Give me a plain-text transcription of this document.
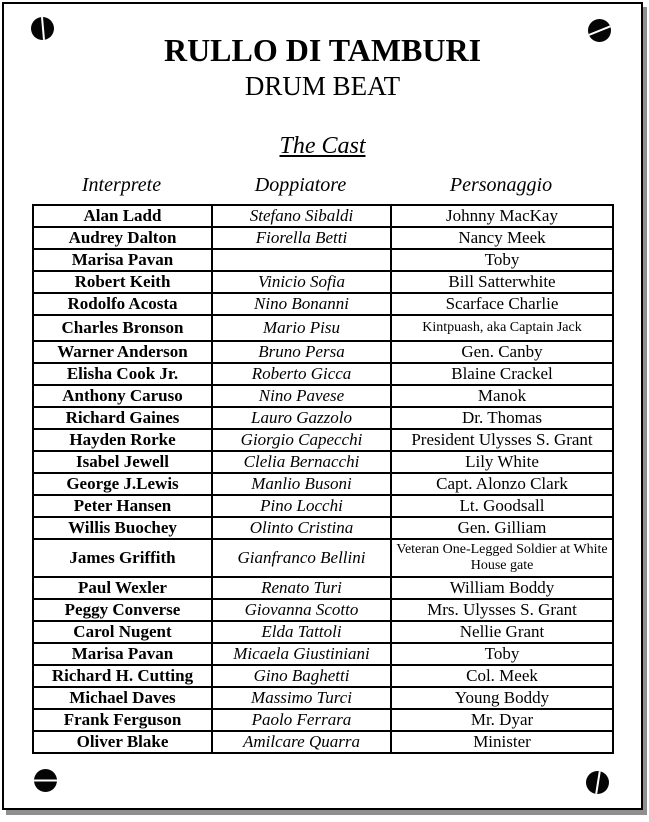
RULLO DI TAMBURI
DRUM BEAT
The Cast
Interprete	Doppiatore	Personaggio
Alan Ladd	Stefano Sibaldi	Johnny MacKay
Audrey Dalton	Fiorella Betti	Nancy Meek
Marisa Pavan		Toby
Robert Keith	Vinicio Sofia	Bill Satterwhite
Rodolfo Acosta	Nino Bonanni	Scarface Charlie
Charles Bronson	Mario Pisu	Kintpuash, aka Captain Jack
Warner Anderson	Bruno Persa	Gen. Canby
Elisha Cook Jr.	Roberto Gicca	Blaine Crackel
Anthony Caruso	Nino Pavese	Manok
Richard Gaines	Lauro Gazzolo	Dr. Thomas
Hayden Rorke	Giorgio Capecchi	President Ulysses S. Grant
Isabel Jewell	Clelia Bernacchi	Lily White
George J.Lewis	Manlio Busoni	Capt. Alonzo Clark
Peter Hansen	Pino Locchi	Lt. Goodsall
Willis Buochey	Olinto Cristina	Gen. Gilliam
James Griffith	Gianfranco Bellini	Veteran One-Legged Soldier at White House gate
Paul Wexler	Renato Turi	William Boddy
Peggy Converse	Giovanna Scotto	Mrs. Ulysses S. Grant
Carol Nugent	Elda Tattoli	Nellie Grant
Marisa Pavan	Micaela Giustiniani	Toby
Richard H. Cutting	Gino Baghetti	Col. Meek
Michael Daves	Massimo Turci	Young Boddy
Frank Ferguson	Paolo Ferrara	Mr. Dyar
Oliver Blake	Amilcare Quarra	Minister
